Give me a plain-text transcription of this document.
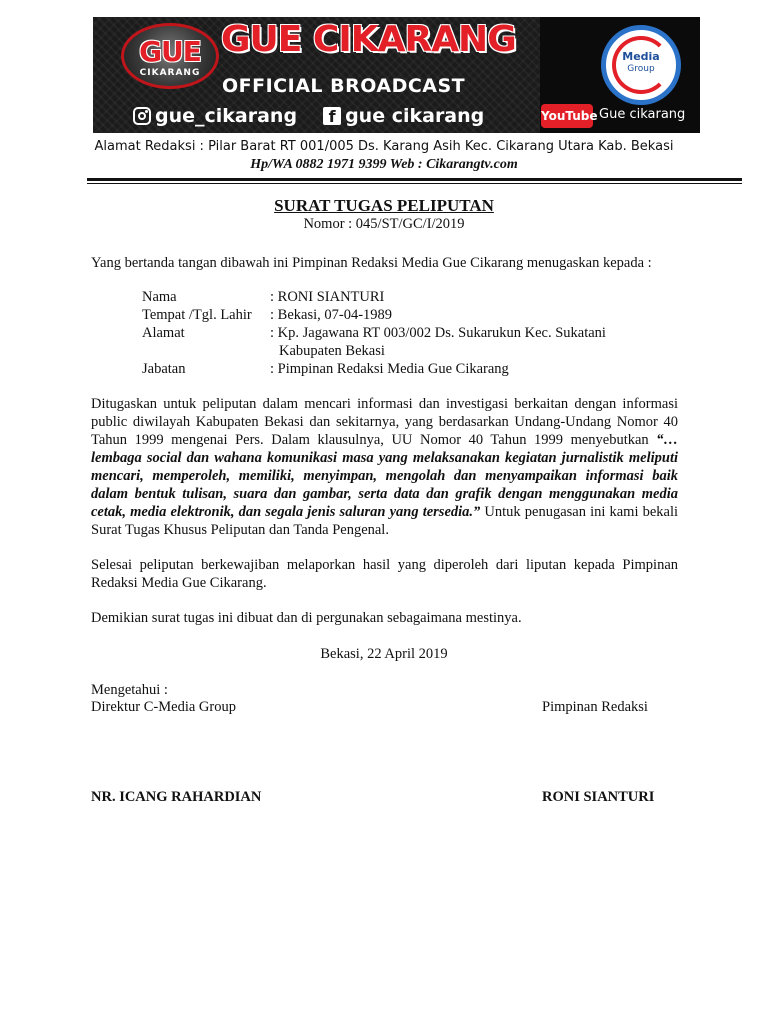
GUE
CIKARANG
GUE CIKARANG
OFFICIAL BROADCAST
gue_cikarang	f gue cikarang
Media
Group
YouTube Gue cikarang
Alamat Redaksi : Pilar Barat RT 001/005 Ds. Karang Asih Kec. Cikarang Utara Kab. Bekasi
Hp/WA 0882 1971 9399 Web : Cikarangtv.com
SURAT TUGAS PELIPUTAN
Nomor : 045/ST/GC/I/2019
Yang bertanda tangan dibawah ini Pimpinan Redaksi Media Gue Cikarang menugaskan kepada :
Nama	: RONI SIANTURI
Tempat /Tgl. Lahir : Bekasi, 07-04-1989
Alamat	: Kp. Jagawana RT 003/002 Ds. Sukarukun Kec. Sukatani
Kabupaten Bekasi
Jabatan	: Pimpinan Redaksi Media Gue Cikarang
Ditugaskan untuk peliputan dalam mencari informasi dan investigasi berkaitan dengan informasi public diwilayah Kabupaten Bekasi dan sekitarnya, yang berdasarkan Undang-Undang Nomor 40 Tahun 1999 mengenai Pers. Dalam klausulnya, UU Nomor 40 Tahun 1999 menyebutkan “…lembaga social dan wahana komunikasi masa yang melaksanakan kegiatan jurnalistik meliputi mencari, memperoleh, memiliki, menyimpan, mengolah dan menyampaikan informasi baik dalam bentuk tulisan, suara dan gambar, serta data dan grafik dengan menggunakan media cetak, media elektronik, dan segala jenis saluran yang tersedia.” Untuk penugasan ini kami bekali Surat Tugas Khusus Peliputan dan Tanda Pengenal.
Selesai peliputan berkewajiban melaporkan hasil yang diperoleh dari liputan kepada Pimpinan Redaksi Media Gue Cikarang.
Demikian surat tugas ini dibuat dan di pergunakan sebagaimana mestinya.
Bekasi, 22 April 2019
Mengetahui :
Direktur C-Media Group	Pimpinan Redaksi
NR. ICANG RAHARDIAN	RONI SIANTURI
